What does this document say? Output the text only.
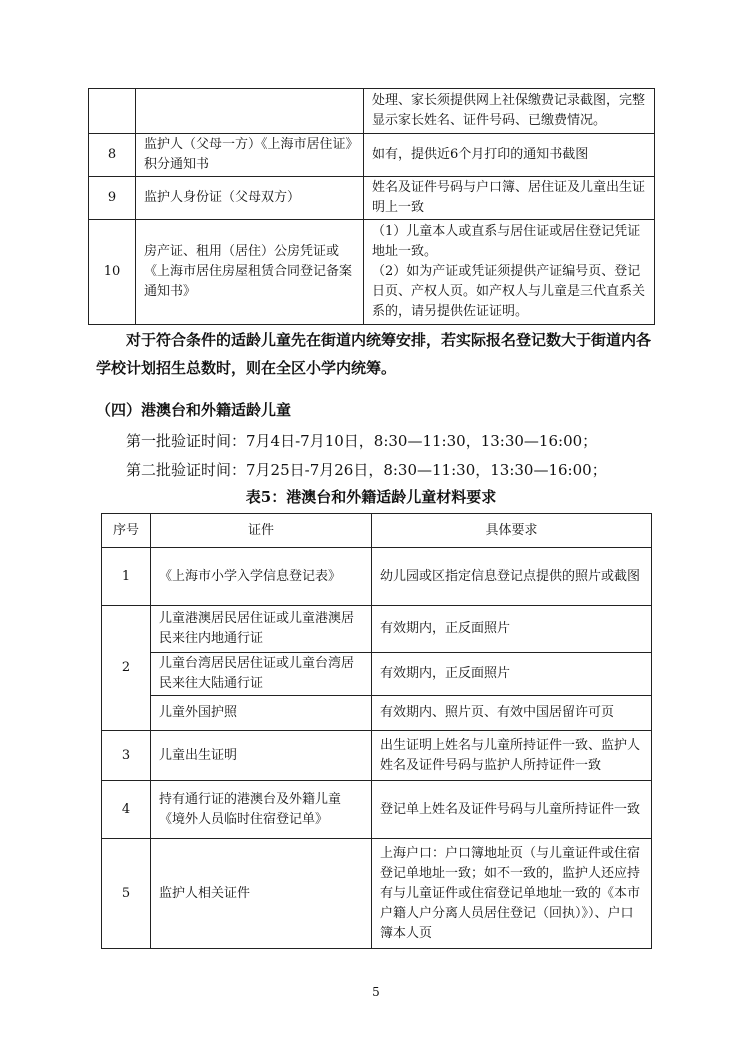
		处理、家长须提供网上社保缴费记录截图，完整显示家长姓名、证件号码、已缴费情况。
8	监护人（父母一方）《上海市居住证》积分通知书	如有，提供近6个月打印的通知书截图
9	监护人身份证（父母双方）	姓名及证件号码与户口簿、居住证及儿童出生证明上一致
10	房产证、租用（居住）公房凭证或《上海市居住房屋租赁合同登记备案通知书》	（1）儿童本人或直系与居住证或居住登记凭证地址一致。
（2）如为产证或凭证须提供产证编号页、登记日页、产权人页。如产权人与儿童是三代直系关系的，请另提供佐证证明。
对于符合条件的适龄儿童先在街道内统筹安排，若实际报名登记数大于街道内各学校计划招生总数时，则在全区小学内统筹。
（四）港澳台和外籍适龄儿童
第一批验证时间：7月4日-7月10日，8:30—11:30，13:30—16:00；
第二批验证时间：7月25日-7月26日，8:30—11:30，13:30—16:00；
表5：港澳台和外籍适龄儿童材料要求
序号	证件	具体要求
1	《上海市小学入学信息登记表》	幼儿园或区指定信息登记点提供的照片或截图
2	儿童港澳居民居住证或儿童港澳居民来往内地通行证	有效期内，正反面照片
	儿童台湾居民居住证或儿童台湾居民来往大陆通行证	有效期内，正反面照片
	儿童外国护照	有效期内、照片页、有效中国居留许可页
3	儿童出生证明	出生证明上姓名与儿童所持证件一致、监护人姓名及证件号码与监护人所持证件一致
4	持有通行证的港澳台及外籍儿童《境外人员临时住宿登记单》	登记单上姓名及证件号码与儿童所持证件一致
5	监护人相关证件	上海户口：户口簿地址页（与儿童证件或住宿登记单地址一致；如不一致的，监护人还应持有与儿童证件或住宿登记单地址一致的《本市户籍人户分离人员居住登记（回执）》）、户口簿本人页
5
